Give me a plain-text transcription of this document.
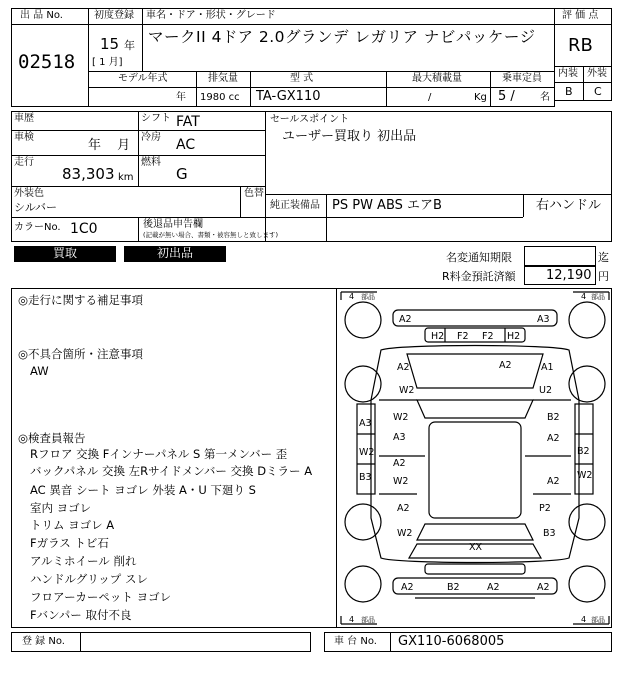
出 品 No.
02518
初度登録 車名・ドア・形状・グレード
15 年
[ 1 月]
マークII 4ドア 2.0グランデ レガリア ナビパッケージ
評 価 点
RB
内装 外装
B C
モデル年式
年
排気量
1980 cc
型 式
TA-GX110
最大積載量
/	Kg
乗車定員
5 /	名
車歴	シフト FAT
車検
年 月
冷房 AC
走行
83,303 km
燃料
G
外装色
シルバー
色替
カラーNo. 1C0	後退品申告欄
(記載が無い場合、書類・被容無しと致します)
セールスポイント
ユーザー買取り 初出品
純正装備品 PS PW ABS エアB	右ハンドル
買取	初出品	名変通知期限	迄
R料金預託済額 12,190 円
◎走行に関する補足事項
◎不具合箇所・注意事項
AW
◎検査員報告
Rフロア 交換 Fインナーパネル S 第一メンバー 歪
バックパネル 交換 左Rサイドメンバー 交換 Dミラー A
AC 異音 シート ヨゴレ 外装 A・U 下廻り S
室内 ヨゴレ
トリム ヨゴレ A
Fガラス トビ石
アルミホイール 削れ
ハンドルグリップ スレ
フロアーカーペット ヨゴレ
Fバンパー 取付不良
4 部品	4 部品
4 部品	4 部品
A2	A3
H2 F2 F2 H2
A2
A2
W2
A1
U2
W2
A3
A3
W2
B3
A2
W2
B2
A2
B2
W2
A2
A2
W2
P2
B3
XX
A2	B2	A2	A2
登 録 No.	車 台 No. GX110-6068005
